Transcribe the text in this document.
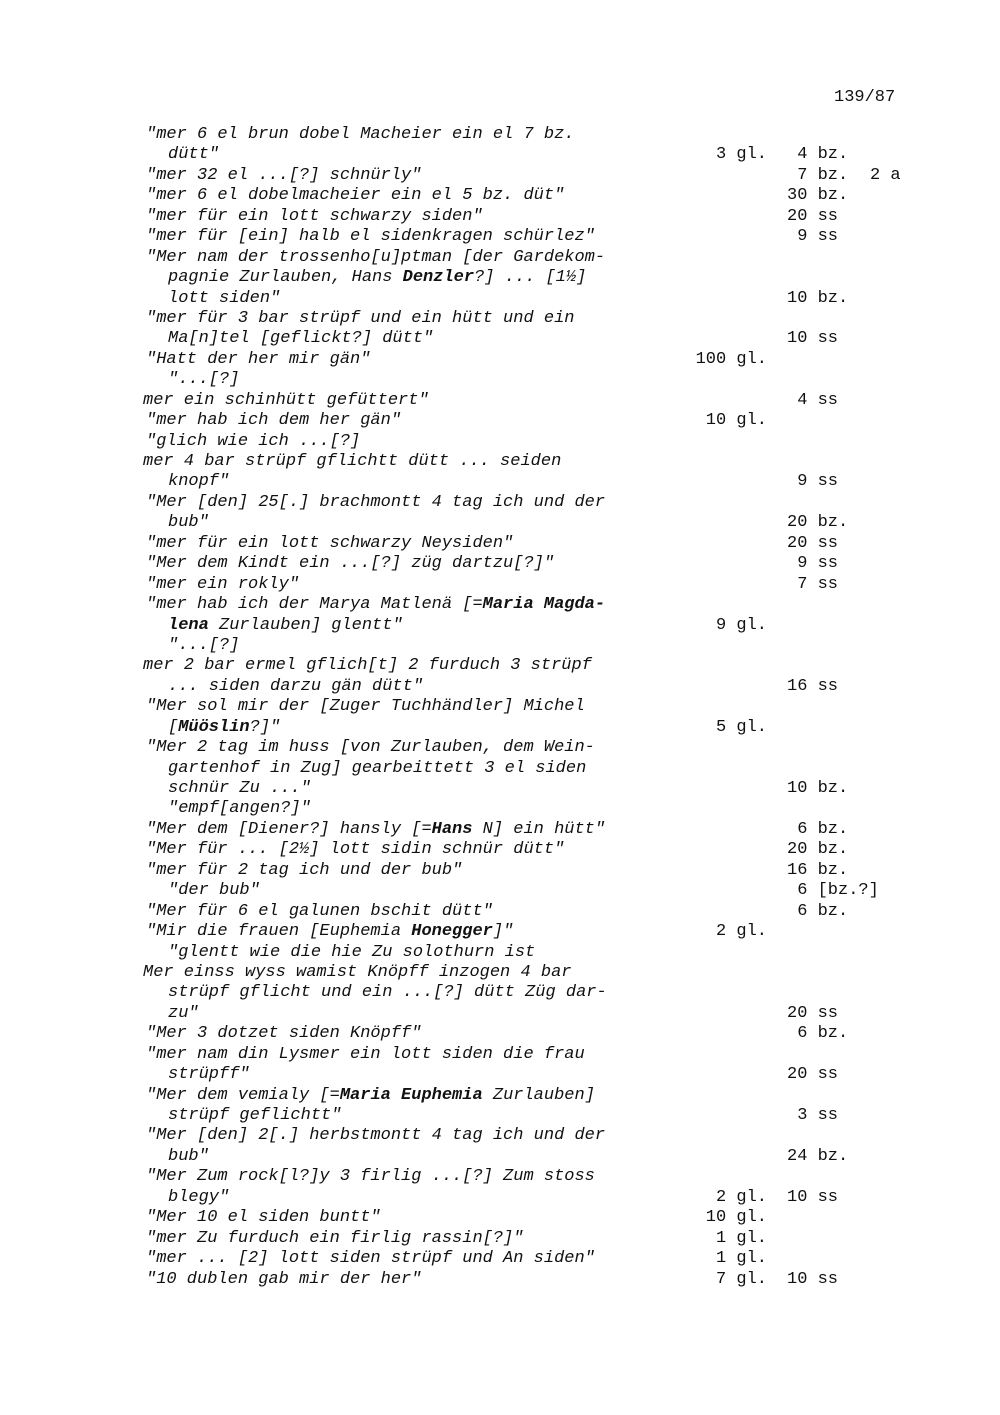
139/87
"mer 6 el brun dobel Macheier ein el 7 bz.
dütt"	3 gl. 4 bz.
"mer 32 el ...[?] schnürly"	7 bz. 2 a
"mer 6 el dobelmacheier ein el 5 bz. düt"	30 bz.
"mer für ein lott schwarzy siden"	20 ss
"mer für [ein] halb el sidenkragen schürlez"	9 ss
"Mer nam der trossenho[u]ptman [der Gardekom-
pagnie Zurlauben, Hans Denzler?] ... [1½]
lott siden"	10 bz.
"mer für 3 bar strüpf und ein hütt und ein
Ma[n]tel [geflickt?] dütt"	10 ss
"Hatt der her mir gän"	100 gl.
"...[?]
mer ein schinhütt gefüttert"	4 ss
"mer hab ich dem her gän"	10 gl.
"glich wie ich ...[?]
mer 4 bar strüpf gflichtt dütt ... seiden
knopf"	9 ss
"Mer [den] 25[.] brachmontt 4 tag ich und der
bub"	20 bz.
"mer für ein lott schwarzy Neysiden"	20 ss
"Mer dem Kindt ein ...[?] züg dartzu[?]"	9 ss
"mer ein rokly"	7 ss
"mer hab ich der Marya Matlenä [=Maria Magda-
lena Zurlauben] glentt"	9 gl.
"...[?]
mer 2 bar ermel gflich[t] 2 furduch 3 strüpf
... siden darzu gän dütt"	16 ss
"Mer sol mir der [Zuger Tuchhändler] Michel
[Müöslin?]"	5 gl.
"Mer 2 tag im huss [von Zurlauben, dem Wein-
gartenhof in Zug] gearbeittett 3 el siden
schnür Zu ..."	10 bz.
"empf[angen?]"
"Mer dem [Diener?] hansly [=Hans N] ein hütt"	6 bz.
"Mer für ... [2½] lott sidin schnür dütt"	20 bz.
"mer für 2 tag ich und der bub"	16 bz.
"der bub"	6 [bz.?]
"Mer für 6 el galunen bschit dütt"	6 bz.
"Mir die frauen [Euphemia Honegger]"	2 gl.
"glentt wie die hie Zu solothurn ist
Mer einss wyss wamist Knöpff inzogen 4 bar
strüpf gflicht und ein ...[?] dütt Züg dar-
zu"	20 ss
"Mer 3 dotzet siden Knöpff"	6 bz.
"mer nam din Lysmer ein lott siden die frau
strüpff"	20 ss
"Mer dem vemialy [=Maria Euphemia Zurlauben]
strüpf geflichtt"	3 ss
"Mer [den] 2[.] herbstmontt 4 tag ich und der
bub"	24 bz.
"Mer Zum rock[l?]y 3 firlig ...[?] Zum stoss
blegy"	2 gl. 10 ss
"Mer 10 el siden buntt"	10 gl.
"mer Zu furduch ein firlig rassin[?]"	1 gl.
"mer ... [2] lott siden strüpf und An siden"	1 gl.
"10 dublen gab mir der her"	7 gl. 10 ss
